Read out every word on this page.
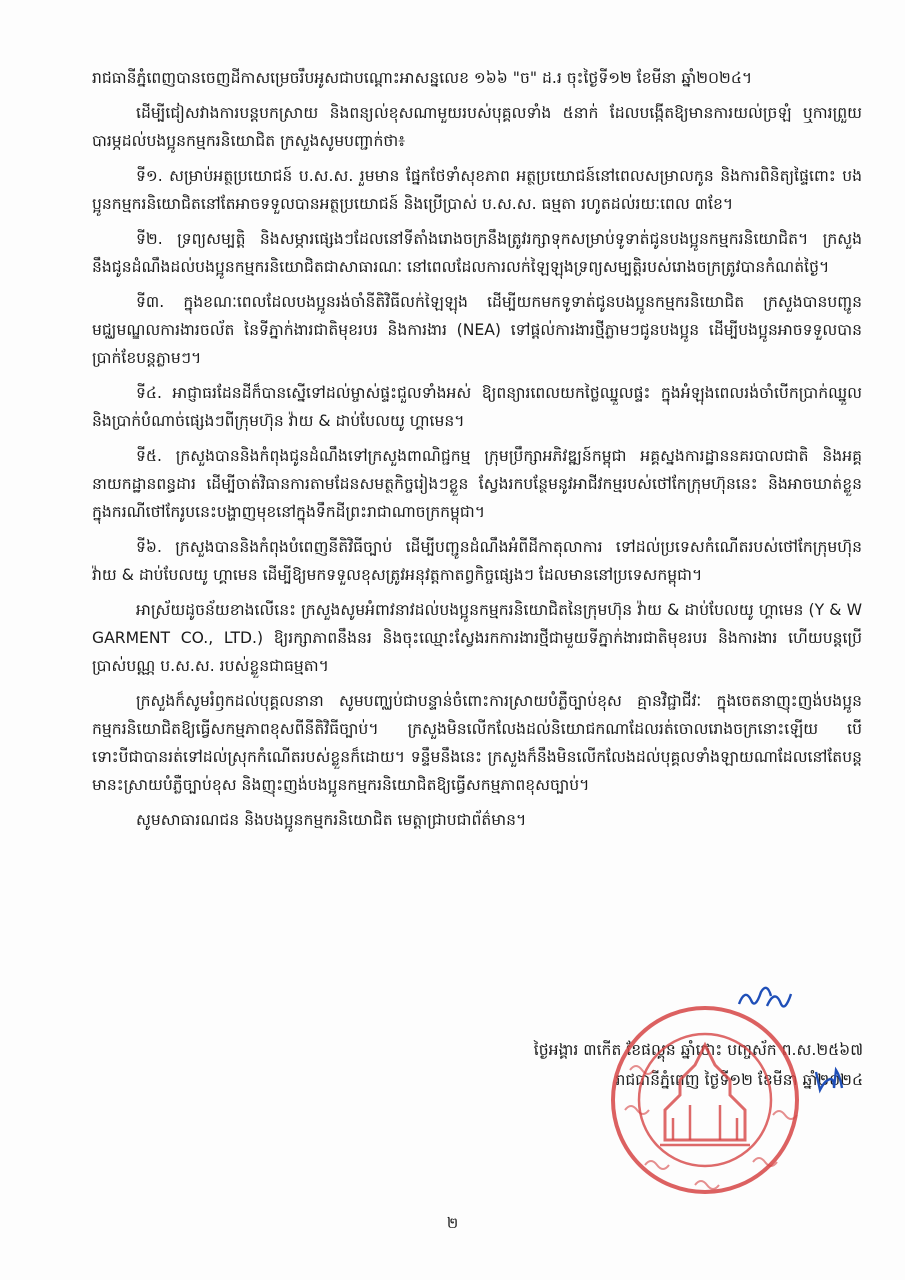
រាជធានីភ្នំពេញបានចេញដីកាសម្រេចរឹបអូសជាបណ្តោះអាសន្នលេខ ១៦៦ "ច" ដ.រ ចុះថ្ងៃទី១២ ខែមីនា ឆ្នាំ២០២៤។

ដើម្បីជៀសវាងការបន្តបកស្រាយ និងពន្យល់ខុសណាមួយរបស់បុគ្គលទាំង ៥នាក់ ដែលបង្កើតឱ្យមានការយល់ច្រឡំ ឬការព្រួយបារម្ភដល់បងប្អូនកម្មករនិយោជិត ក្រសួងសូមបញ្ជាក់ថា៖

ទី១. សម្រាប់អត្ថប្រយោជន៍ ប.ស.ស. រួមមាន ផ្នែកថែទាំសុខភាព អត្ថប្រយោជន៍នៅពេលសម្រាលកូន និងការពិនិត្យផ្ទៃពោះ បងប្អូនកម្មករនិយោជិតនៅតែអាចទទួលបានអត្ថប្រយោជន៍ និងប្រើប្រាស់ ប.ស.ស. ធម្មតា រហូតដល់រយៈពេល ៣ខែ។

ទី២. ទ្រព្យសម្បត្តិ និងសម្ភារផ្សេងៗដែលនៅទីតាំងរោងចក្រនឹងត្រូវរក្សាទុកសម្រាប់ទូទាត់ជូនបងប្អូនកម្មករនិយោជិត។ ក្រសួងនឹងជូនដំណឹងដល់បងប្អូនកម្មករនិយោជិតជាសាធារណៈ នៅពេលដែលការលក់ឡៃឡុងទ្រព្យសម្បត្តិរបស់រោងចក្រត្រូវបានកំណត់ថ្ងៃ។

ទី៣. ក្នុងខណៈពេលដែលបងប្អូនរង់ចាំនីតិវិធីលក់ឡៃឡុង ដើម្បីយកមកទូទាត់ជូនបងប្អូនកម្មករនិយោជិត ក្រសួងបានបញ្ជូនមជ្ឈមណ្ឌលការងារចល័ត នៃទីភ្នាក់ងារជាតិមុខរបរ និងការងារ (NEA) ទៅផ្តល់ការងារថ្មីភ្លាមៗជូនបងប្អូន ដើម្បីបងប្អូនអាចទទួលបានប្រាក់ខែបន្តភ្លាមៗ។

ទី៤. អាជ្ញាធរដែនដីក៏បានស្នើទៅដល់ម្ចាស់ផ្ទះជួលទាំងអស់ ឱ្យពន្យារពេលយកថ្លៃឈ្នួលផ្ទះ ក្នុងអំឡុងពេលរង់ចាំបើកប្រាក់ឈ្នួល និងប្រាក់បំណាច់ផ្សេងៗពីក្រុមហ៊ុន វ៉ាយ & ដាប់បែលយូ ហ្គាមេន។

ទី៥. ក្រសួងបាននិងកំពុងជូនដំណឹងទៅក្រសួងពាណិជ្ជកម្ម ក្រុមប្រឹក្សាអភិវឌ្ឍន៍កម្ពុជា អគ្គស្នងការដ្ឋាននគរបាលជាតិ និងអគ្គនាយកដ្ឋានពន្ធដារ ដើម្បីចាត់វិធានការតាមដែនសមត្ថកិច្ចរៀងៗខ្លួន ស្វែងរកបន្ថែមនូវអាជីវកម្មរបស់ថៅកែក្រុមហ៊ុននេះ និងអាចឃាត់ខ្លួនក្នុងករណីថៅកែរូបនេះបង្ហាញមុខនៅក្នុងទឹកដីព្រះរាជាណាចក្រកម្ពុជា។

ទី៦. ក្រសួងបាននិងកំពុងបំពេញនីតិវិធីច្បាប់ ដើម្បីបញ្ជូនដំណឹងអំពីដីកាតុលាការ ទៅដល់ប្រទេសកំណើតរបស់ថៅកែក្រុមហ៊ុន វ៉ាយ & ដាប់បែលយូ ហ្គាមេន ដើម្បីឱ្យមកទទួលខុសត្រូវអនុវត្តកាតព្វកិច្ចផ្សេងៗ ដែលមាននៅប្រទេសកម្ពុជា។

អាស្រ័យដូចន័យខាងលើនេះ ក្រសួងសូមអំពាវនាវដល់បងប្អូនកម្មករនិយោជិតនៃក្រុមហ៊ុន វ៉ាយ & ដាប់បែលយូ ហ្គាមេន (Y & W GARMENT CO., LTD.) ឱ្យរក្សាភាពនឹងនរ និងចុះឈ្មោះស្វែងរកការងារថ្មីជាមួយទីភ្នាក់ងារជាតិមុខរបរ និងការងារ ហើយបន្តប្រើប្រាស់បណ្ណ ប.ស.ស. របស់ខ្លួនជាធម្មតា។

ក្រសួងក៏សូមរំឭកដល់បុគ្គលនានា សូមបញ្ឈប់ជាបន្ទាន់ចំពោះការស្រាយបំភ្លឺច្បាប់ខុស គ្មានវិជ្ជាជីវៈ ក្នុងចេតនាញុះញង់បងប្អូនកម្មករនិយោជិតឱ្យធ្វើសកម្មភាពខុសពីនីតិវិធីច្បាប់។ ក្រសួងមិនលើកលែងដល់និយោជកណាដែលរត់ចោលរោងចក្រនោះឡើយ បើទោះបីជាបានរត់ទៅដល់ស្រុកកំណើតរបស់ខ្លួនក៏ដោយ។ ទន្ទឹមនឹងនេះ ក្រសួងក៏នឹងមិនលើកលែងដល់បុគ្គលទាំងឡាយណាដែលនៅតែបន្តមានះស្រាយបំភ្លឺច្បាប់ខុស និងញុះញង់បងប្អូនកម្មករនិយោជិតឱ្យធ្វើសកម្មភាពខុសច្បាប់។

សូមសាធារណជន និងបងប្អូនកម្មករនិយោជិត មេត្តាជ្រាបជាព័ត៌មាន។

ថ្ងៃអង្គារ ៣កើត ខែផល្គុន ឆ្នាំថោះ បញ្ចស័ក ព.ស.២៥៦៧
រាជធានីភ្នំពេញ ថ្ងៃទី១២ ខែមីនា ឆ្នាំ២០២៤
២
